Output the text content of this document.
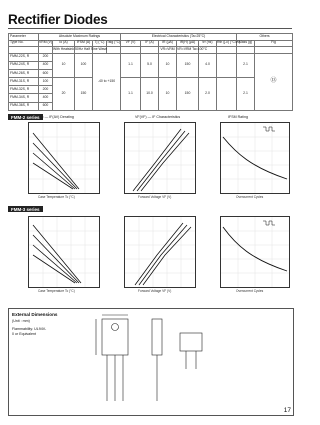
Rectifier Diodes
Parameter	Absolute Maximum Ratings					Electrical Characteristics (Ta=25°C)						Others	
Type No.	VRM (V)	Io (A)	IFSM (A)	Tj (°C)	Tstg (°C)	VF (V)	IF (A)	IR (μA)	IR(H) (μA)	trr (ns)	Rth (j-c) (°C/W)	Mass (g)	Fig
		With Heatsink	50Hz Half Sine Wave					VR=VRM	VR=VRM Ta=100°C				
FMM-22S, R	200	10	100	-40 to +150		1.1	5.0	10	150	4.0		2.1	⑬
FMM-24S, R	400												
FMM-26S, R	600												
FMM-31S, R	100	20	150			1.1	10.0	10	150	2.0		2.1	
FMM-32S, R	200												
FMM-34S, R	400												
FMM-36S, R	600												
FMM-2 series
FMM-3 series
Tc — IF(AV) Derating	VF(VF) — IF Characteristics	IFSM Rating
Case Temperature Tc (°C)	Forward Voltage VF (V)	Overcurrent Cycles
Case Temperature Tc (°C)	Forward Voltage VF (V)	Overcurrent Cycles
External Dimensions
(Unit : mm)
Flammability: UL94V-0 or Equivalent
17
